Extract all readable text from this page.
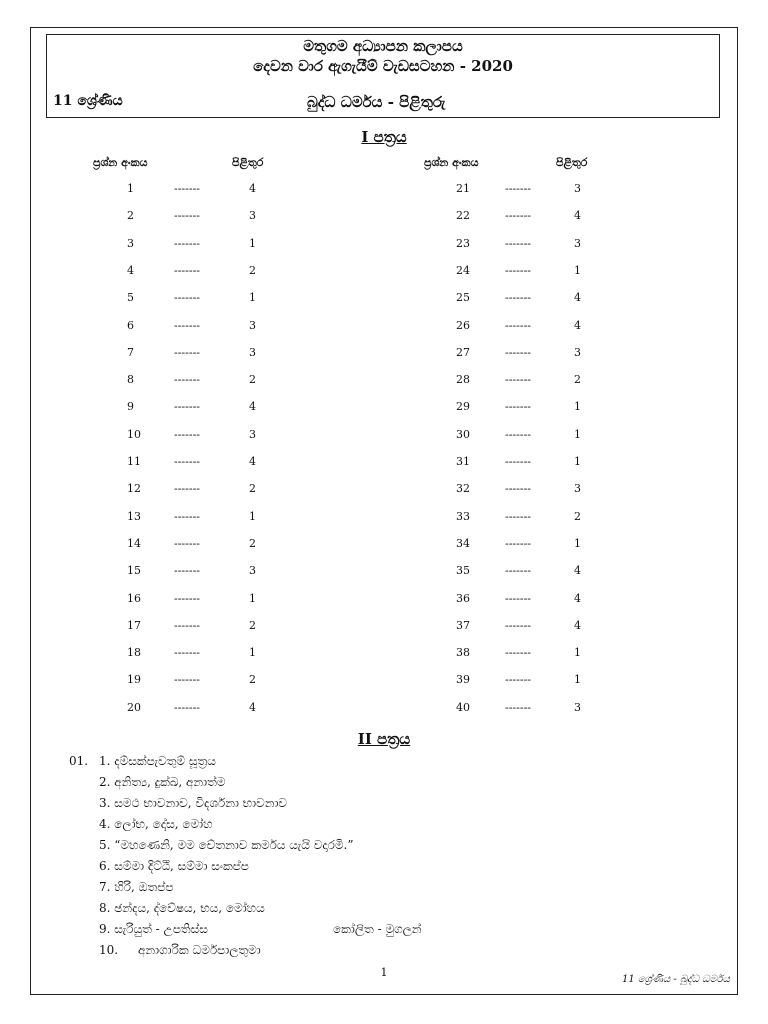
මතුගම අධ්‍යාපන කලාපය
දෙවන වාර ඇගැයීම් වැඩසටහන - 2020
11 ශ්‍රේණිය	බුද්ධ ධර්මය - පිළිතුරු
I පත්‍රය
ප්‍රශ්න අංකය	පිළිතුර	ප්‍රශ්න අංකය	පිළිතුර
1	-------	4	21	-------	3
2	-------	3	22	-------	4
3	-------	1	23	-------	3
4	-------	2	24	-------	1
5	-------	1	25	-------	4
6	-------	3	26	-------	4
7	-------	3	27	-------	3
8	-------	2	28	-------	2
9	-------	4	29	-------	1
10	-------	3	30	-------	1
11	-------	4	31	-------	1
12	-------	2	32	-------	3
13	-------	1	33	-------	2
14	-------	2	34	-------	1
15	-------	3	35	-------	4
16	-------	1	36	-------	4
17	-------	2	37	-------	4
18	-------	1	38	-------	1
19	-------	2	39	-------	1
20	-------	4	40	-------	3
II පත්‍රය
01. 1. දම්සක්පැවතුම් සූත්‍රය
2. අනිත්‍ය, දුක්‍ඛ, අනාත්ම
3. සමථ භාවනාව, විදර්ශනා භාවනාව
4. ලෝභ, දෝස, මෝහ
5. “මහණෙනි, මම චේතනාව කර්මය යැයි වදාරමි.”
6. සම්මා දිට්ඨි, සම්මා සංකප්ප
7. හිරි, ඔතප්ප
8. ඡන්දය, ද්වේෂය, භය, මෝහය
9. සැරියුත් - උපතිස්ස	කෝලිත - මුගලන්
10. අනාගාරික ධර්මපාලතුමා
1
11 ශ්‍රේණිය - බුද්ධ ධර්මය
